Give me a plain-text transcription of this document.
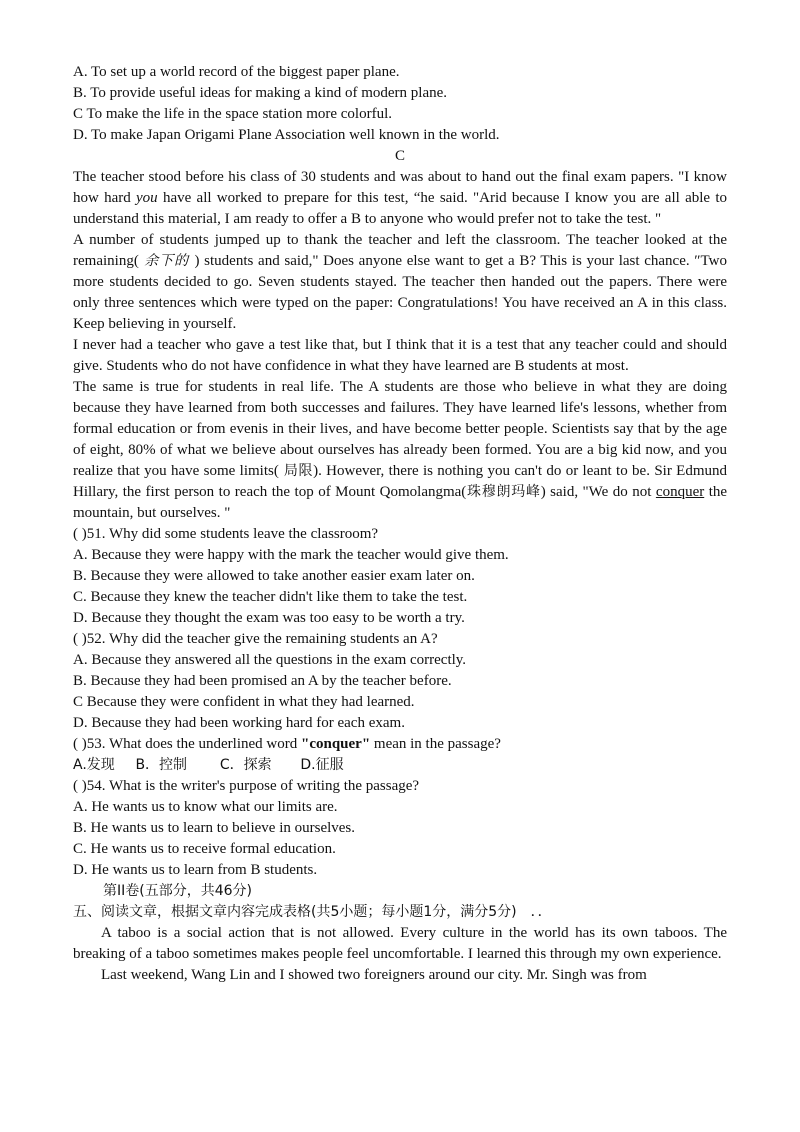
A. To set up a world record of the biggest paper plane.
B. To provide useful ideas for making a kind of modern plane.
C To make the life in the space station more colorful.
D. To make Japan Origami Plane Association well known in the world.
C
The teacher stood before his class of 30 students and was about to hand out the final exam papers. "I know how hard you have all worked to prepare for this test, “he said. "Arid because I know you are all able to understand this material, I am ready to offer a B to anyone who would prefer not to take the test. "
A number of students jumped up to thank the teacher and left the classroom. The teacher looked at the remaining( 余下的 ) students and said," Does anyone else want to get a B? This is your last chance. ″Two more students decided to go. Seven students stayed. The teacher then handed out the papers. There were only three sentences which were typed on the paper: Congratulations! You have received an A in this class. Keep believing in yourself.
I never had a teacher who gave a test like that, but I think that it is a test that any teacher could and should give. Students who do not have confidence in what they have learned are B students at most.
The same is true for students in real life. The A students are those who believe in what they are doing because they have learned from both successes and failures. They have learned life's lessons, whether from formal education or from evenis in their lives, and have become better people. Scientists say that by the age of eight, 80% of what we believe about ourselves has already been formed. You are a big kid now, and you realize that you have some limits( 局限). However, there is nothing you can't do or leant to be. Sir Edmund Hillary, the first person to reach the top of Mount Qomolangma(珠穆朗玛峰) said, "We do not conquer the mountain, but ourselves. "
( )51. Why did some students leave the classroom?
A. Because they were happy with the mark the teacher would give them.
B. Because they were allowed to take another easier exam later on.
C. Because they knew the teacher didn't like them to take the test.
D. Because they thought the exam was too easy to be worth a try.
( )52. Why did the teacher give the remaining students an A?
A. Because they answered all the questions in the exam correctly.
B. Because they had been promised an A by the teacher before.
C Because they were confident in what they had learned.
D. Because they had been working hard for each exam.
( )53. What does the underlined word "conquer" mean in the passage?
A.发现 B．控制 C．探索 D.征服
( )54. What is the writer's purpose of writing the passage?
A. He wants us to know what our limits are.
B. He wants us to learn to believe in ourselves.
C. He wants us to receive formal education.
D. He wants us to learn from B students.
第II卷(五部分，共46分)
五、阅读文章，根据文章内容完成表格(共5小题；每小题1分，满分5分)　．．
A taboo is a social action that is not allowed. Every culture in the world has its own taboos. The breaking of a taboo sometimes makes people feel uncomfortable. I learned this through my own experience.
Last weekend, Wang Lin and I showed two foreigners around our city. Mr. Singh was from
